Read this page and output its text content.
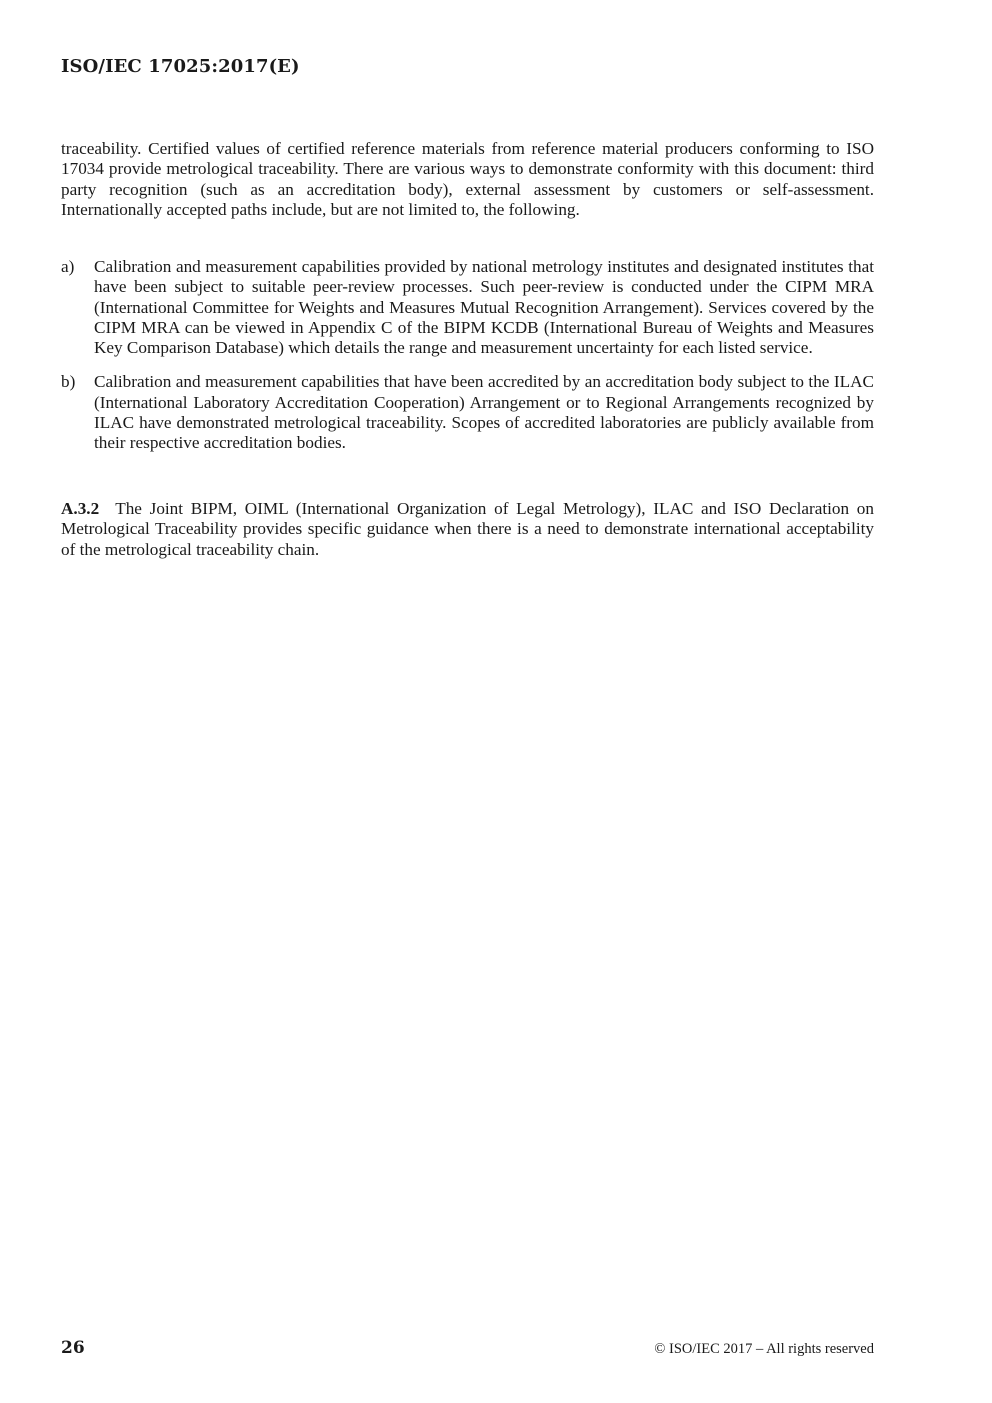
ISO/IEC 17025:2017(E)

traceability. Certified values of certified reference materials from reference material producers conforming to ISO 17034 provide metrological traceability. There are various ways to demonstrate conformity with this document: third party recognition (such as an accreditation body), external assessment by customers or self-assessment. Internationally accepted paths include, but are not limited to, the following.

a) Calibration and measurement capabilities provided by national metrology institutes and designated institutes that have been subject to suitable peer-review processes. Such peer-review is conducted under the CIPM MRA (International Committee for Weights and Measures Mutual Recognition Arrangement). Services covered by the CIPM MRA can be viewed in Appendix C of the BIPM KCDB (International Bureau of Weights and Measures Key Comparison Database) which details the range and measurement uncertainty for each listed service.
b) Calibration and measurement capabilities that have been accredited by an accreditation body subject to the ILAC (International Laboratory Accreditation Cooperation) Arrangement or to Regional Arrangements recognized by ILAC have demonstrated metrological traceability. Scopes of accredited laboratories are publicly available from their respective accreditation bodies.

A.3.2 The Joint BIPM, OIML (International Organization of Legal Metrology), ILAC and ISO Declaration on Metrological Traceability provides specific guidance when there is a need to demonstrate international acceptability of the metrological traceability chain.

26	© ISO/IEC 2017 – All rights reserved
